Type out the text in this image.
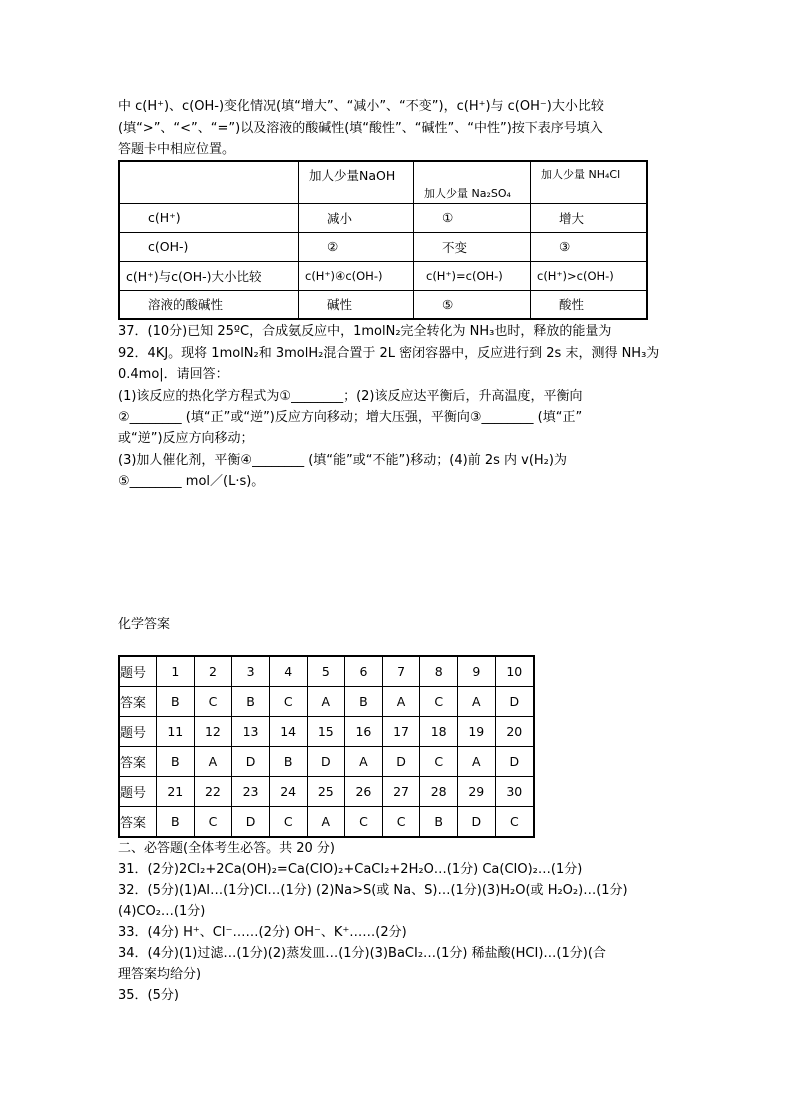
中 c(H⁺)、c(OH-)变化情况(填“增大”、“减小”、“不变”)，c(H⁺)与 c(OH⁻)大小比较
(填“>”、“<”、“=”)以及溶液的酸碱性(填“酸性”、“碱性”、“中性”)按下表序号填入
答题卡中相应位置。
	加人少量NaOH	加人少量 Na₂SO₄	加人少量 NH₄Cl
c(H⁺)	减小	①	增大
c(OH-)	②	不变	③
c(H⁺)与c(OH-)大小比较	c(H⁺)④c(OH-)	c(H⁺)=c(OH-)	c(H⁺)>c(OH-)
溶液的酸碱性	碱性	⑤	酸性
37．(10分)已知 25ºC，合成氨反应中，1molN₂完全转化为 NH₃也时，释放的能量为
92．4KJ。现将 1molN₂和 3molH₂混合置于 2L 密闭容器中，反应进行到 2s 末，测得 NH₃为
0.4mo|．请回答：
(1)该反应的热化学方程式为①________；(2)该反应达平衡后，升高温度，平衡向
②________ (填“正”或“逆”)反应方向移动；增大压强，平衡向③________ (填“正”
或“逆”)反应方向移动；
(3)加人催化剂，平衡④________ (填“能”或“不能”)移动；(4)前 2s 内 v(H₂)为
⑤________ mol／(L·s)。
化学答案
题号	1	2	3	4	5	6	7	8	9	10
答案	B	C	B	C	A	B	A	C	A	D
题号	11	12	13	14	15	16	17	18	19	20
答案	B	A	D	B	D	A	D	C	A	D
题号	21	22	23	24	25	26	27	28	29	30
答案	B	C	D	C	A	C	C	B	D	C
二、必答题(全体考生必答。共 20 分)
31．(2分)2CI₂+2Ca(OH)₂=Ca(CIO)₂+CaCI₂+2H₂O…(1分) Ca(CIO)₂…(1分)
32．(5分)(1)AI…(1分)CI…(1分) (2)Na>S(或 Na、S)…(1分)(3)H₂O(或 H₂O₂)…(1分)
(4)CO₂…(1分)
33．(4分) H⁺、CI⁻……(2分) OH⁻、K⁺……(2分)
34．(4分)(1)过滤…(1分)(2)蒸发皿…(1分)(3)BaCI₂…(1分) 稀盐酸(HCI)…(1分)(合
理答案均给分)
35．(5分)
